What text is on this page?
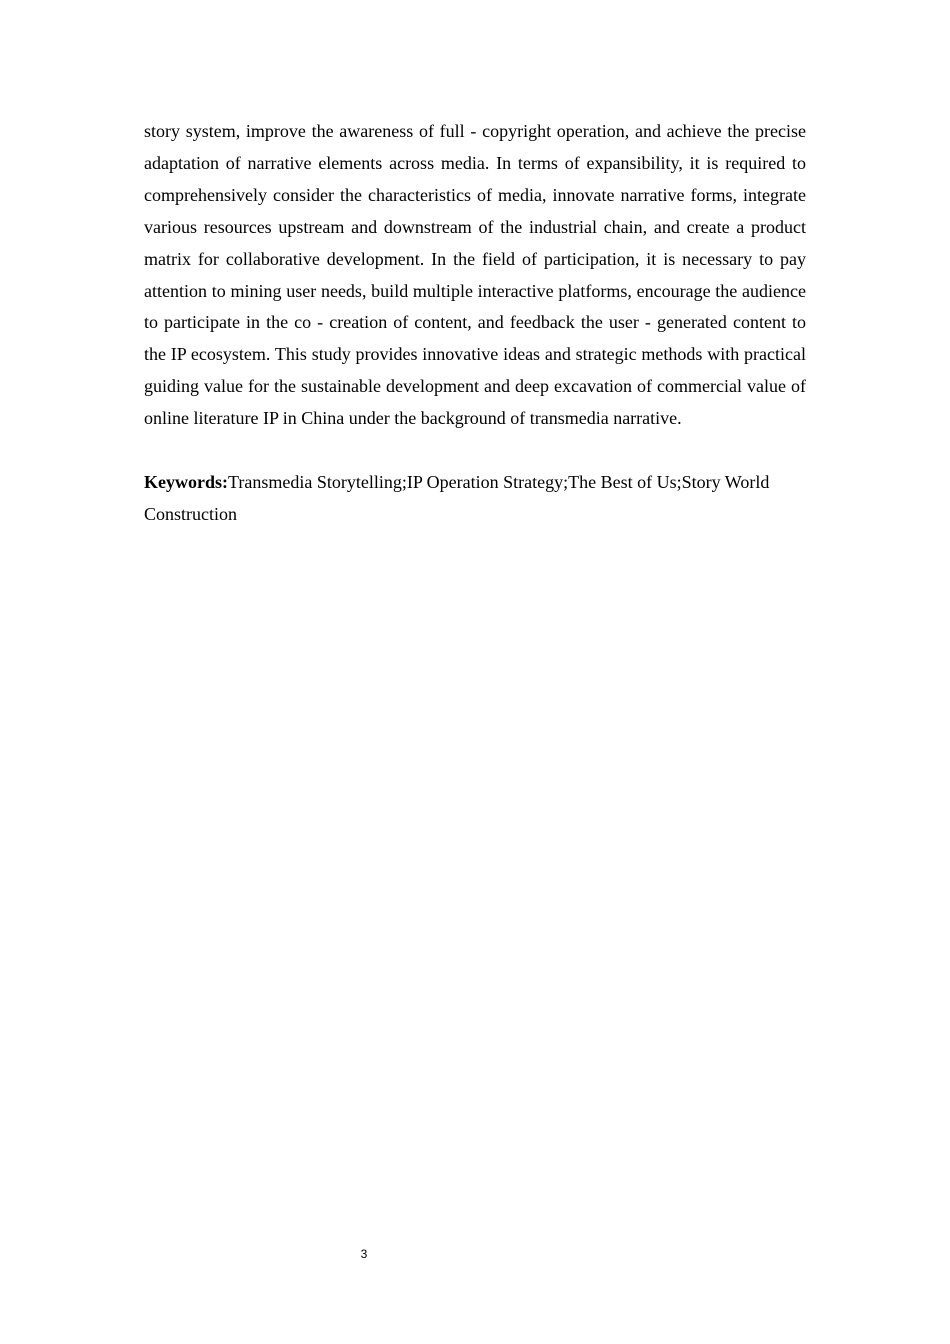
story system, improve the awareness of full - copyright operation, and achieve the precise adaptation of narrative elements across media. In terms of expansibility, it is required to comprehensively consider the characteristics of media, innovate narrative forms, integrate various resources upstream and downstream of the industrial chain, and create a product matrix for collaborative development. In the field of participation, it is necessary to pay attention to mining user needs, build multiple interactive platforms, encourage the audience to participate in the co - creation of content, and feedback the user - generated content to the IP ecosystem. This study provides innovative ideas and strategic methods with practical guiding value for the sustainable development and deep excavation of commercial value of online literature IP in China under the background of transmedia narrative.

Keywords:Transmedia Storytelling;IP Operation Strategy;The Best of Us;Story World Construction

3
